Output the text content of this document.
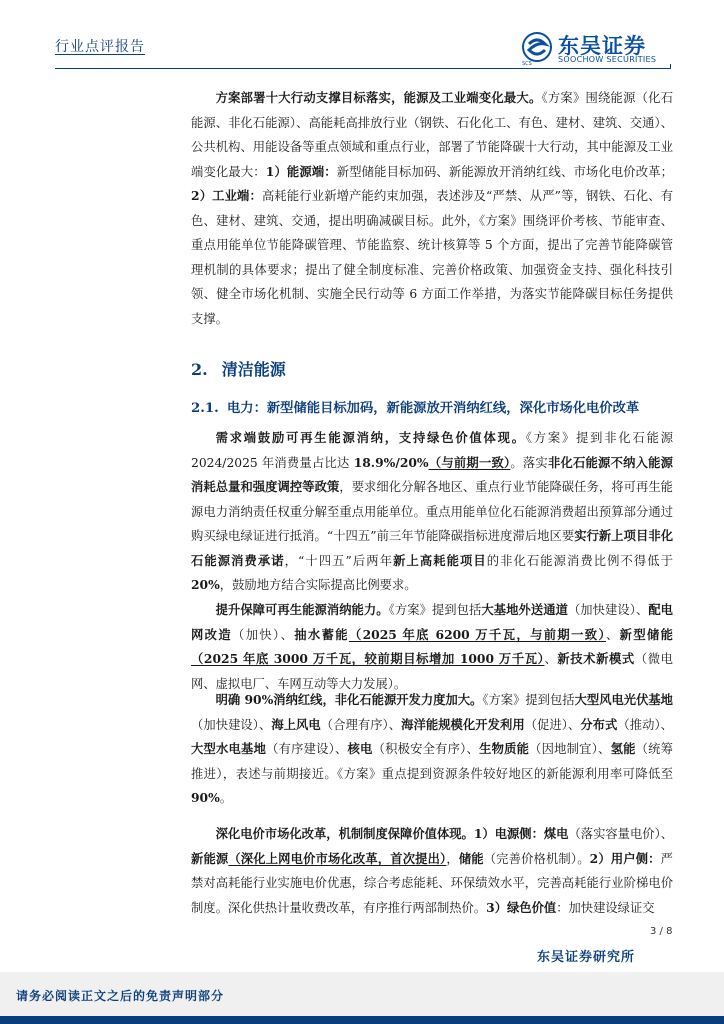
行业点评报告	东吴证券
SOOCHOW SECURITIES
SCS

方案部署十大行动支撑目标落实，能源及工业端变化最大。《方案》围绕能源（化石能源、非化石能源）、高能耗高排放行业（钢铁、石化化工、有色、建材、建筑、交通）、公共机构、用能设备等重点领域和重点行业，部署了节能降碳十大行动，其中能源及工业端变化最大：1）能源端：新型储能目标加码、新能源放开消纳红线、市场化电价改革；2）工业端：高耗能行业新增产能约束加强，表述涉及“严禁、从严”等，钢铁、石化、有色、建材、建筑、交通，提出明确减碳目标。此外，《方案》围绕评价考核、节能审查、重点用能单位节能降碳管理、节能监察、统计核算等 5 个方面，提出了完善节能降碳管理机制的具体要求；提出了健全制度标准、完善价格政策、加强资金支持、强化科技引领、健全市场化机制、实施全民行动等 6 方面工作举措，为落实节能降碳目标任务提供支撑。

2. 清洁能源
2.1. 电力：新型储能目标加码，新能源放开消纳红线，深化市场化电价改革

需求端鼓励可再生能源消纳，支持绿色价值体现。《方案》提到非化石能源 2024/2025 年消费量占比达 18.9%/20%（与前期一致）。落实非化石能源不纳入能源消耗总量和强度调控等政策，要求细化分解各地区、重点行业节能降碳任务，将可再生能源电力消纳责任权重分解至重点用能单位。重点用能单位化石能源消费超出预算部分通过购买绿电绿证进行抵消。“十四五”前三年节能降碳指标进度滞后地区要实行新上项目非化石能源消费承诺，“十四五”后两年新上高耗能项目的非化石能源消费比例不得低于 20%，鼓励地方结合实际提高比例要求。

提升保障可再生能源消纳能力。《方案》提到包括大基地外送通道（加快建设）、配电网改造（加快）、抽水蓄能（2025 年底 6200 万千瓦，与前期一致）、新型储能（2025 年底 3000 万千瓦，较前期目标增加 1000 万千瓦）、新技术新模式（微电网、虚拟电厂、车网互动等大力发展）。

明确 90%消纳红线，非化石能源开发力度加大。《方案》提到包括大型风电光伏基地（加快建设）、海上风电（合理有序）、海洋能规模化开发利用（促进）、分布式（推动）、大型水电基地（有序建设）、核电（积极安全有序）、生物质能（因地制宜）、氢能（统筹推进），表述与前期接近。《方案》重点提到资源条件较好地区的新能源利用率可降低至 90%。

深化电价市场化改革，机制制度保障价值体现。1）电源侧：煤电（落实容量电价）、新能源（深化上网电价市场化改革，首次提出），储能（完善价格机制）。2）用户侧：严禁对高耗能行业实施电价优惠，综合考虑能耗、环保绩效水平，完善高耗能行业阶梯电价制度。深化供热计量收费改革，有序推行两部制热价。3）绿色价值：加快建设绿证交

3 / 8
东吴证券研究所
请务必阅读正文之后的免责声明部分
